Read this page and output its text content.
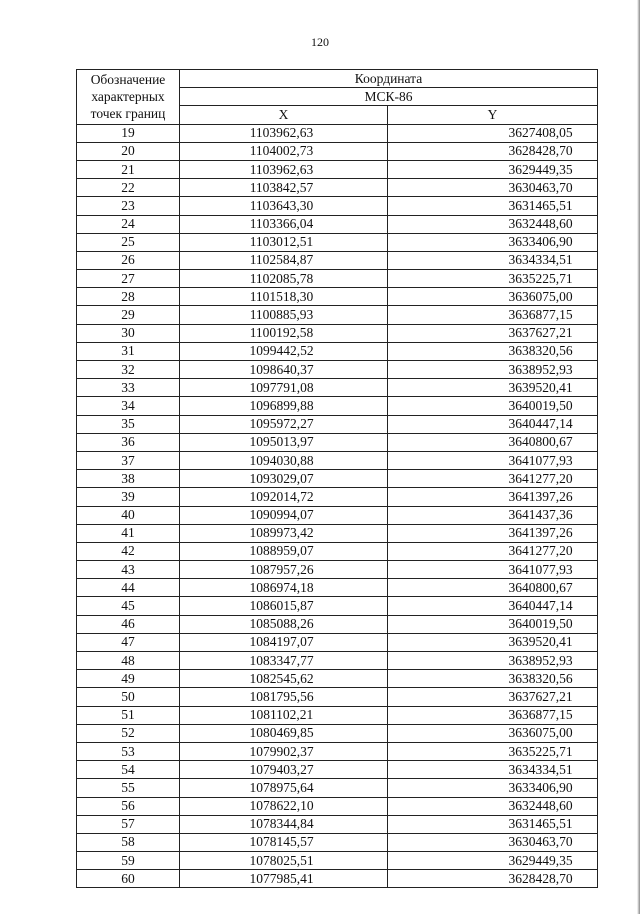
120
Обозначение характерных точек границ	Координата	
	МСК-86	
	X	Y
19	1103962,63	3627408,05
20	1104002,73	3628428,70
21	1103962,63	3629449,35
22	1103842,57	3630463,70
23	1103643,30	3631465,51
24	1103366,04	3632448,60
25	1103012,51	3633406,90
26	1102584,87	3634334,51
27	1102085,78	3635225,71
28	1101518,30	3636075,00
29	1100885,93	3636877,15
30	1100192,58	3637627,21
31	1099442,52	3638320,56
32	1098640,37	3638952,93
33	1097791,08	3639520,41
34	1096899,88	3640019,50
35	1095972,27	3640447,14
36	1095013,97	3640800,67
37	1094030,88	3641077,93
38	1093029,07	3641277,20
39	1092014,72	3641397,26
40	1090994,07	3641437,36
41	1089973,42	3641397,26
42	1088959,07	3641277,20
43	1087957,26	3641077,93
44	1086974,18	3640800,67
45	1086015,87	3640447,14
46	1085088,26	3640019,50
47	1084197,07	3639520,41
48	1083347,77	3638952,93
49	1082545,62	3638320,56
50	1081795,56	3637627,21
51	1081102,21	3636877,15
52	1080469,85	3636075,00
53	1079902,37	3635225,71
54	1079403,27	3634334,51
55	1078975,64	3633406,90
56	1078622,10	3632448,60
57	1078344,84	3631465,51
58	1078145,57	3630463,70
59	1078025,51	3629449,35
60	1077985,41	3628428,70
